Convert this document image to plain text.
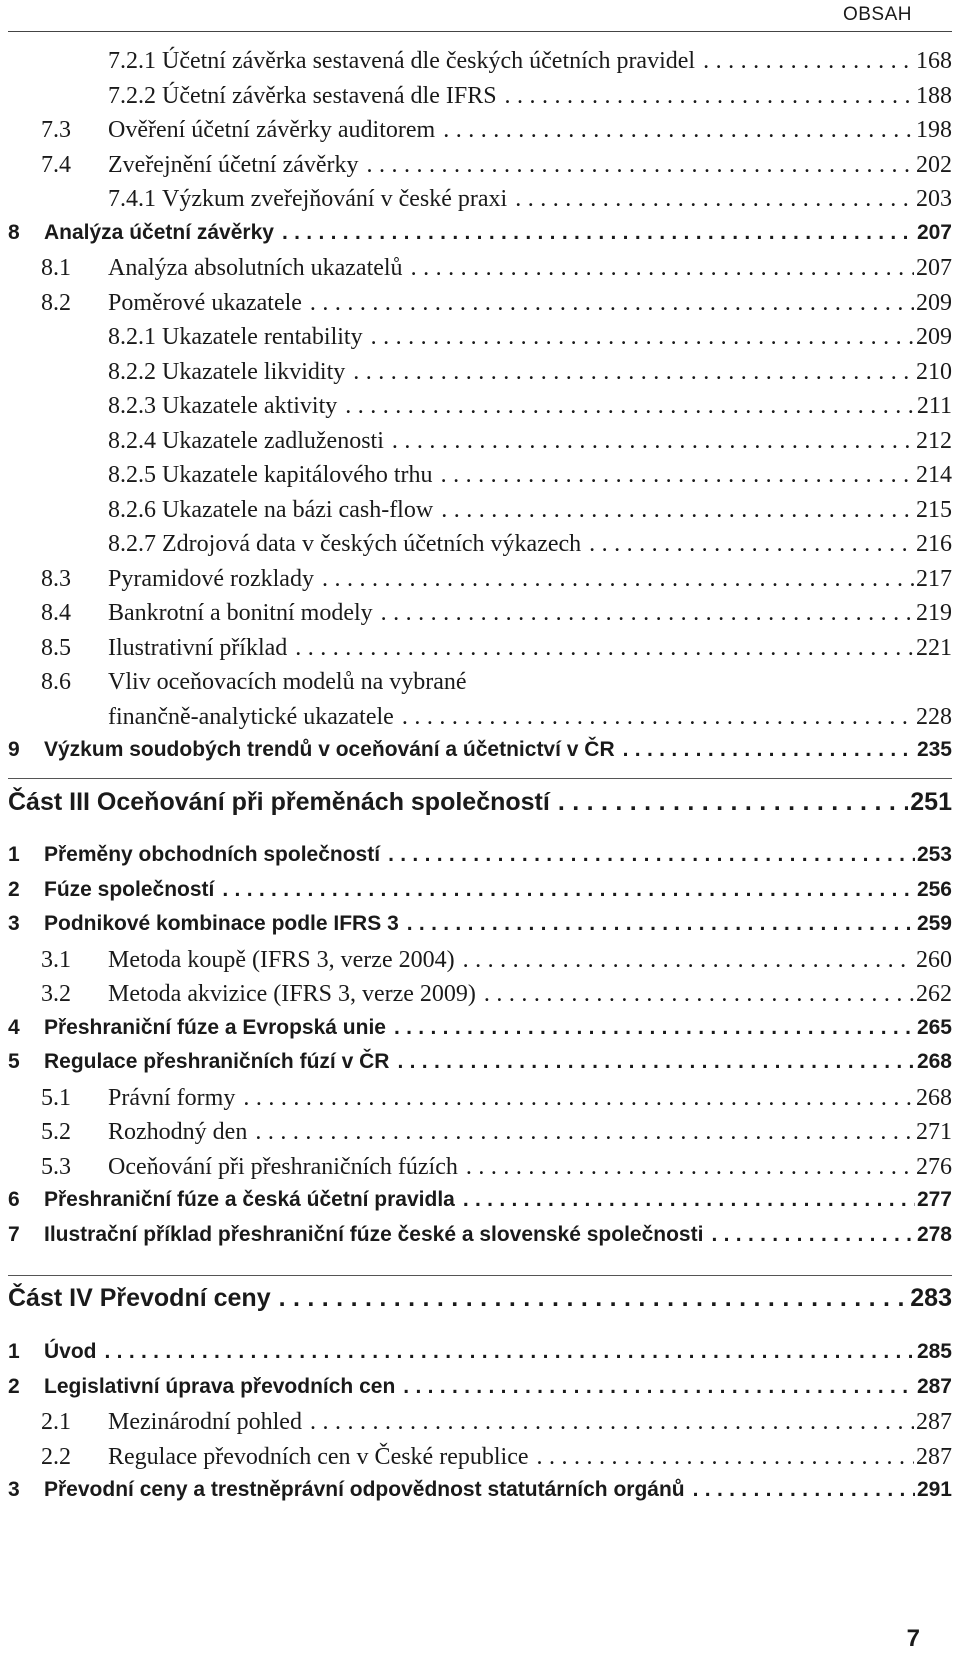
OBSAH
7.2.1 Účetní závěrka sestavená dle českých účetních pravidel . . .	168
7.2.2 Účetní závěrka sestavená dle IFRS . . .	188
7.3 Ověření účetní závěrky auditorem . . .	198
7.4 Zveřejnění účetní závěrky . . .	202
7.4.1 Výzkum zveřejňování v české praxi . . .	203
8 Analýza účetní závěrky . . .	207
8.1 Analýza absolutních ukazatelů . . .	207
8.2 Poměrové ukazatele . . .	209
8.2.1 Ukazatele rentability . . .	209
8.2.2 Ukazatele likvidity . . .	210
8.2.3 Ukazatele aktivity . . .	211
8.2.4 Ukazatele zadluženosti . . .	212
8.2.5 Ukazatele kapitálového trhu . . .	214
8.2.6 Ukazatele na bázi cash-flow . . .	215
8.2.7 Zdrojová data v českých účetních výkazech . . .	216
8.3 Pyramidové rozklady . . .	217
8.4 Bankrotní a bonitní modely . . .	219
8.5 Ilustrativní příklad . . .	221
8.6 Vliv oceňovacích modelů na vybrané
finančně-analytické ukazatele . . .	228
9 Výzkum soudobých trendů v oceňování a účetnictví v ČR . . .	235
Část III Oceňování při přeměnách společností . . .	251
1 Přeměny obchodních společností . . .	253
2 Fúze společností . . .	256
3 Podnikové kombinace podle IFRS 3 . . .	259
3.1 Metoda koupě (IFRS 3, verze 2004) . . .	260
3.2 Metoda akvizice (IFRS 3, verze 2009) . . .	262
4 Přeshraniční fúze a Evropská unie . . .	265
5 Regulace přeshraničních fúzí v ČR . . .	268
5.1 Právní formy . . .	268
5.2 Rozhodný den . . .	271
5.3 Oceňování při přeshraničních fúzích . . .	276
6 Přeshraniční fúze a česká účetní pravidla . . .	277
7 Ilustrační příklad přeshraniční fúze české a slovenské společnosti . . .	278
Část IV Převodní ceny . . .	283
1 Úvod . . .	285
2 Legislativní úprava převodních cen . . .	287
2.1 Mezinárodní pohled . . .	287
2.2 Regulace převodních cen v České republice . . .	287
3 Převodní ceny a trestněprávní odpovědnost statutárních orgánů . . .	291
7
